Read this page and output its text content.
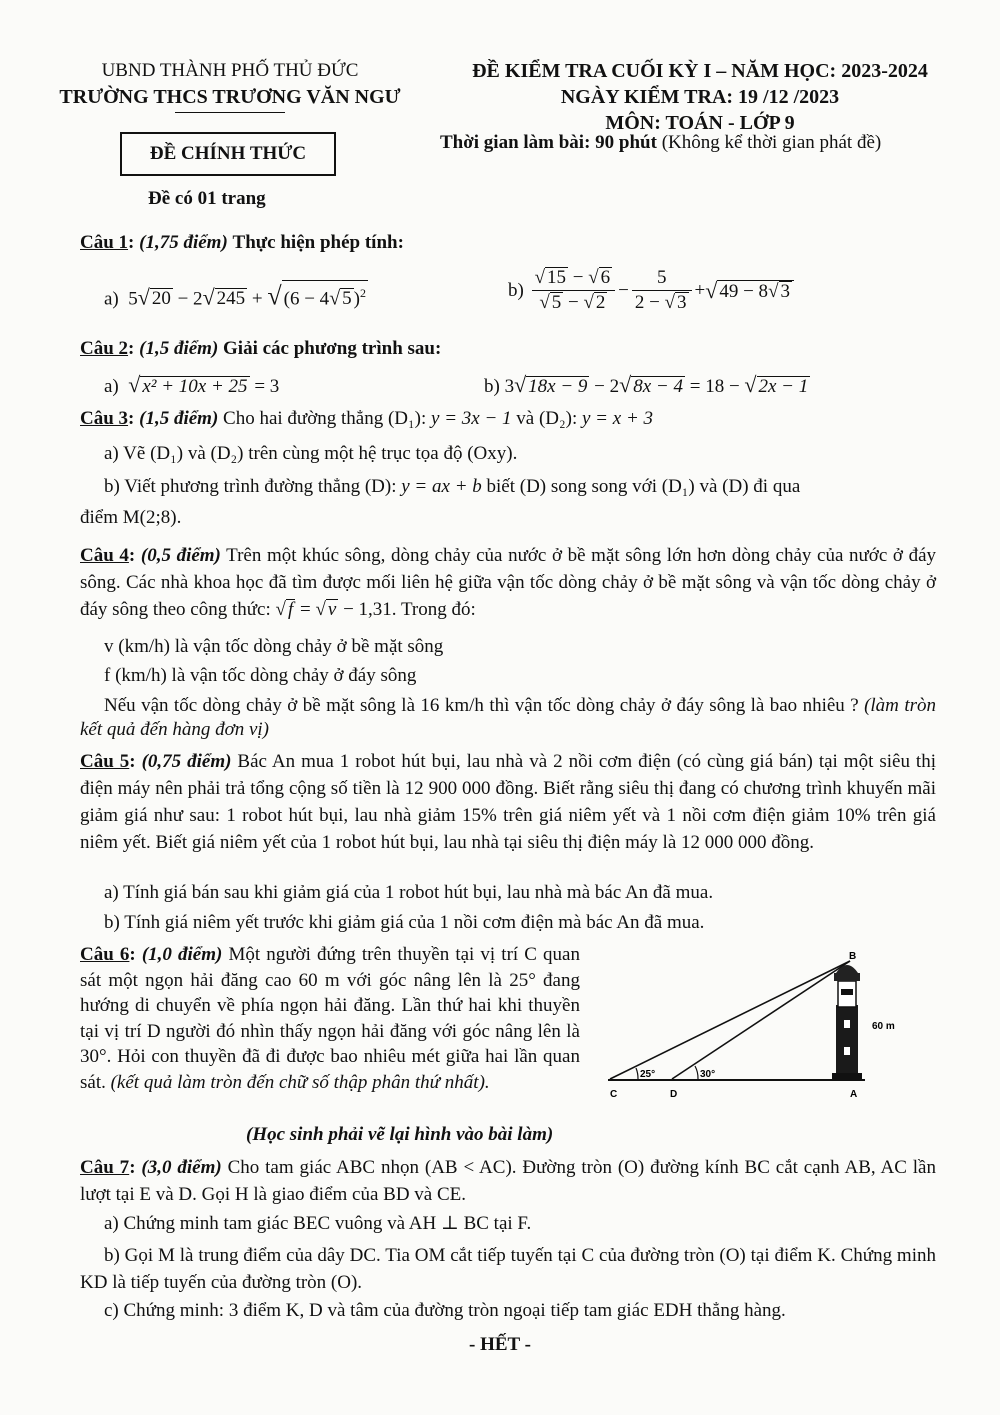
UBND THÀNH PHỐ THỦ ĐỨC
TRƯỜNG THCS TRƯƠNG VĂN NGƯ
ĐỀ KIỂM TRA CUỐI KỲ I – NĂM HỌC: 2023-2024
NGÀY KIỂM TRA: 19 /12 /2023
MÔN: TOÁN - LỚP 9
ĐỀ CHÍNH THỨC
Thời gian làm bài: 90 phút (Không kể thời gian phát đề)
Đề có 01 trang
Câu 1: (1,75 điểm) Thực hiện phép tính:
a) 5√ 20 − 2√ 245 + √ (6 − 4√ 5 )$^2$	b)
$\frac{√ 15 - √ 6}{√ 5 - √ 2} - \frac{5}{2 - √ 3}$ + √ 49 − 8√ 3
Câu 2: (1,5 điểm) Giải các phương trình sau:
a) √ x² + 10x + 25 = 3	b) 3√ 18x − 9 − 2√ 8x − 4 = 18 − √ 2x − 1
Câu 3: (1,5 điểm) Cho hai đường thẳng (D₁): y = 3x − 1 và (D₂): y = x + 3
a) Vẽ (D₁) và (D₂) trên cùng một hệ trục tọa độ (Oxy).
b) Viết phương trình đường thẳng (D): y = ax + b biết (D) song song với (D₁) và (D) đi qua
điểm M(2;8).
Câu 4: (0,5 điểm) Trên một khúc sông, dòng chảy của nước ở bề mặt sông lớn hơn dòng chảy của nước ở đáy sông. Các nhà khoa học đã tìm được mối liên hệ giữa vận tốc dòng chảy ở bề mặt sông và vận tốc dòng chảy ở đáy sông theo công thức: √ f = √ v − 1,31. Trong đó:
v (km/h) là vận tốc dòng chảy ở bề mặt sông
f (km/h) là vận tốc dòng chảy ở đáy sông
Nếu vận tốc dòng chảy ở bề mặt sông là 16 km/h thì vận tốc dòng chảy ở đáy sông là bao nhiêu ? (làm tròn kết quả đến hàng đơn vị)
Câu 5: (0,75 điểm) Bác An mua 1 robot hút bụi, lau nhà và 2 nồi cơm điện (có cùng giá bán) tại một siêu thị điện máy nên phải trả tổng cộng số tiền là 12 900 000 đồng. Biết rằng siêu thị đang có chương trình khuyến mãi giảm giá như sau: 1 robot hút bụi, lau nhà giảm 15% trên giá niêm yết và 1 nồi cơm điện giảm 10% trên giá niêm yết. Biết giá niêm yết của 1 robot hút bụi, lau nhà tại siêu thị điện máy là 12 000 000 đồng.
a) Tính giá bán sau khi giảm giá của 1 robot hút bụi, lau nhà mà bác An đã mua.
b) Tính giá niêm yết trước khi giảm giá của 1 nồi cơm điện mà bác An đã mua.
Câu 6: (1,0 điểm) Một người đứng trên thuyền tại vị trí C quan sát một ngọn hải đăng cao 60 m với góc nâng lên là 25° đang hướng di chuyển về phía ngọn hải đăng. Lần thứ hai khi thuyền tại vị trí D người đó nhìn thấy ngọn hải đăng với góc nâng lên là 30°. Hỏi con thuyền đã đi được bao nhiêu mét giữa hai lần quan sát. (kết quả làm tròn đến chữ số thập phân thứ nhất).	25°	30°
B
60 m
C	D	A
(Học sinh phải vẽ lại hình vào bài làm)
Câu 7: (3,0 điểm) Cho tam giác ABC nhọn (AB < AC). Đường tròn (O) đường kính BC cắt cạnh AB, AC lần lượt tại E và D. Gọi H là giao điểm của BD và CE.
a) Chứng minh tam giác BEC vuông và AH ⊥ BC tại F.
b) Gọi M là trung điểm của dây DC. Tia OM cắt tiếp tuyến tại C của đường tròn (O) tại điểm K. Chứng minh KD là tiếp tuyến của đường tròn (O).
c) Chứng minh: 3 điểm K, D và tâm của đường tròn ngoại tiếp tam giác EDH thẳng hàng.
- HẾT -
